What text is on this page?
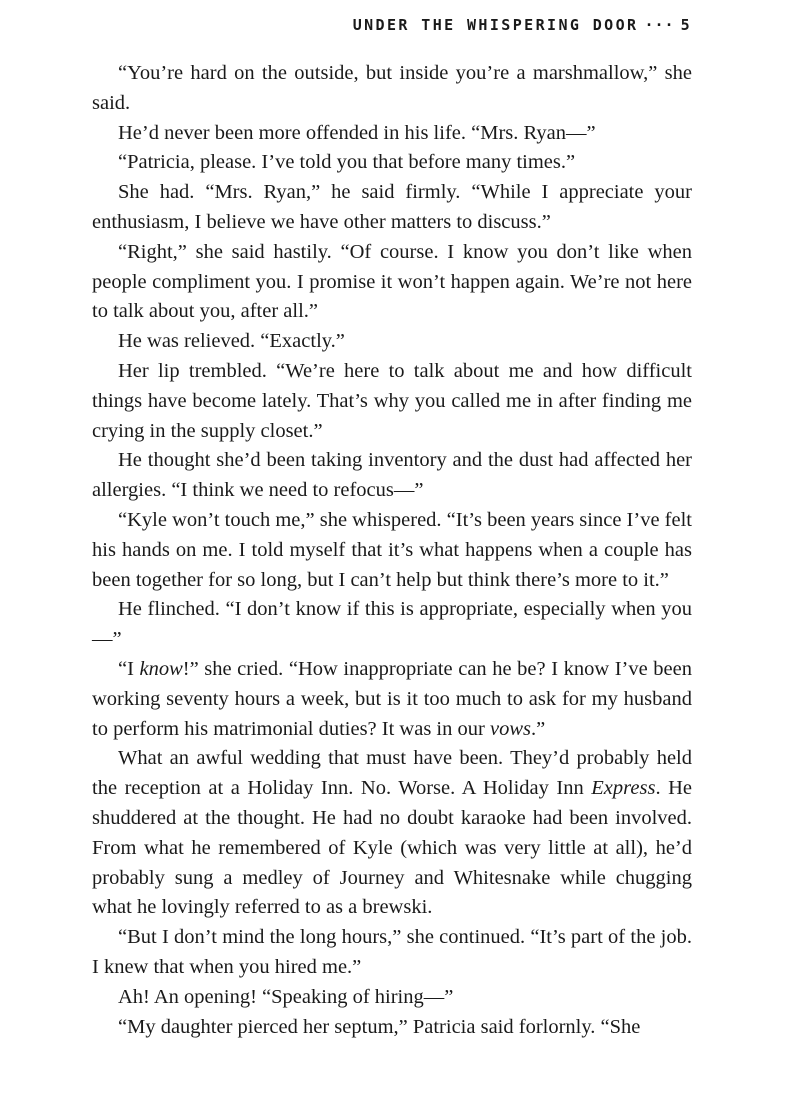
UNDER THE WHISPERING DOOR ··· 5

“You’re hard on the outside, but inside you’re a marshmallow,” she said.

He’d never been more offended in his life. “Mrs. Ryan—”

“Patricia, please. I’ve told you that before many times.”

She had. “Mrs. Ryan,” he said firmly. “While I appreciate your enthusiasm, I believe we have other matters to discuss.”

“Right,” she said hastily. “Of course. I know you don’t like when people compliment you. I promise it won’t happen again. We’re not here to talk about you, after all.”

He was relieved. “Exactly.”

Her lip trembled. “We’re here to talk about me and how difficult things have become lately. That’s why you called me in after finding me crying in the supply closet.”

He thought she’d been taking inventory and the dust had affected her allergies. “I think we need to refocus—”

“Kyle won’t touch me,” she whispered. “It’s been years since I’ve felt his hands on me. I told myself that it’s what happens when a couple has been together for so long, but I can’t help but think there’s more to it.”

He flinched. “I don’t know if this is appropriate, especially when you—”

“I know!” she cried. “How inappropriate can he be? I know I’ve been working seventy hours a week, but is it too much to ask for my husband to perform his matrimonial duties? It was in our vows.”

What an awful wedding that must have been. They’d probably held the reception at a Holiday Inn. No. Worse. A Holiday Inn Express. He shuddered at the thought. He had no doubt karaoke had been involved. From what he remembered of Kyle (which was very little at all), he’d probably sung a medley of Journey and Whitesnake while chugging what he lovingly referred to as a brewski.

“But I don’t mind the long hours,” she continued. “It’s part of the job. I knew that when you hired me.”

Ah! An opening! “Speaking of hiring—”

“My daughter pierced her septum,” Patricia said forlornly. “She
